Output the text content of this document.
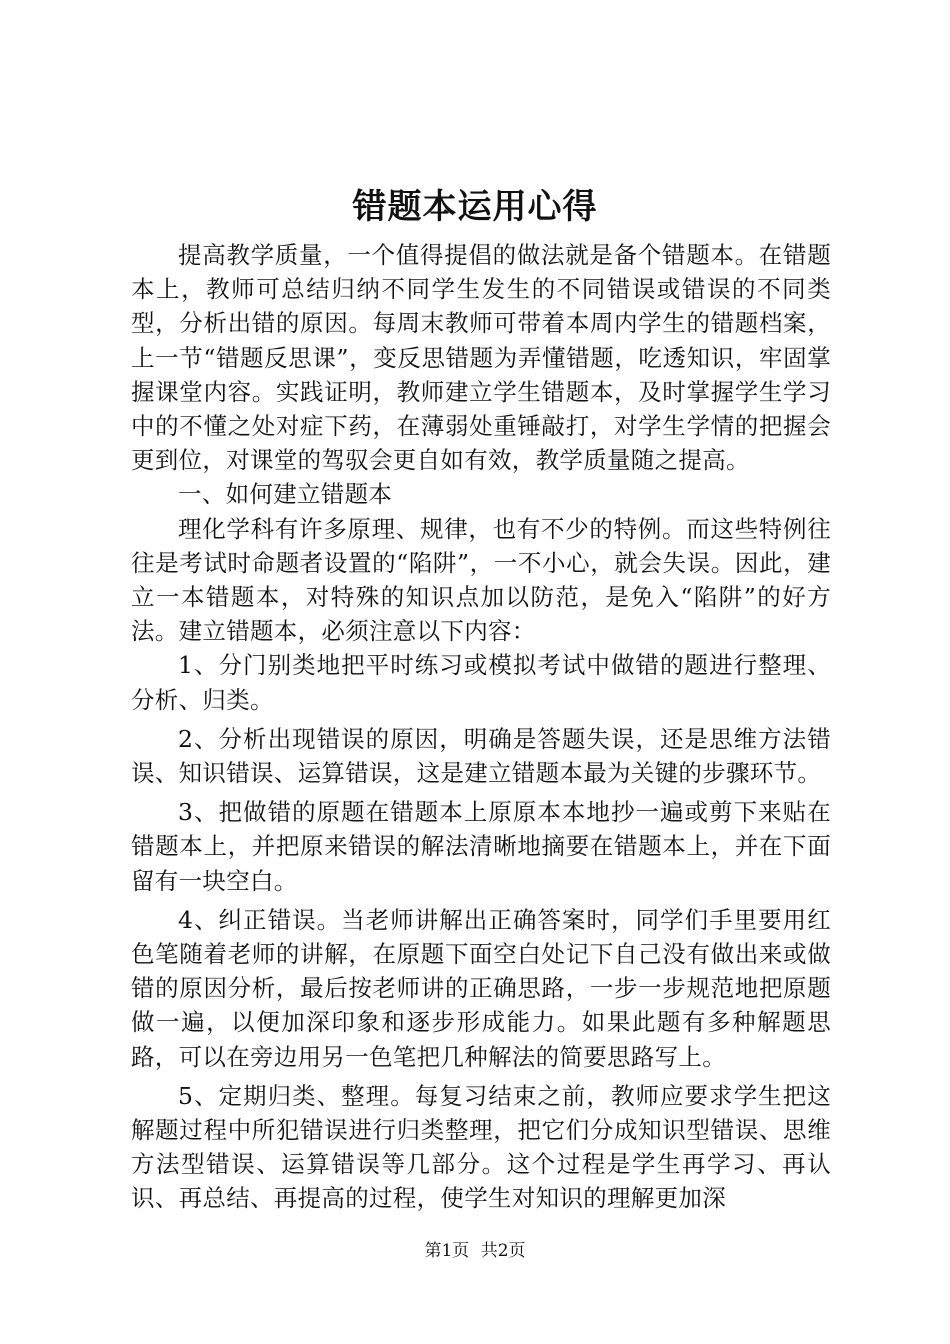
错题本运用心得

提高教学质量，一个值得提倡的做法就是备个错题本。在错题本上，教师可总结归纳不同学生发生的不同错误或错误的不同类型，分析出错的原因。每周末教师可带着本周内学生的错题档案，上一节“错题反思课”，变反思错题为弄懂错题，吃透知识，牢固掌握课堂内容。实践证明，教师建立学生错题本，及时掌握学生学习中的不懂之处对症下药，在薄弱处重锤敲打，对学生学情的把握会更到位，对课堂的驾驭会更自如有效，教学质量随之提高。

一、如何建立错题本

理化学科有许多原理、规律，也有不少的特例。而这些特例往往是考试时命题者设置的“陷阱”，一不小心，就会失误。因此，建立一本错题本，对特殊的知识点加以防范，是免入“陷阱”的好方法。建立错题本，必须注意以下内容：

1、分门别类地把平时练习或模拟考试中做错的题进行整理、分析、归类。

2、分析出现错误的原因，明确是答题失误，还是思维方法错误、知识错误、运算错误，这是建立错题本最为关键的步骤环节。

3、把做错的原题在错题本上原原本本地抄一遍或剪下来贴在错题本上，并把原来错误的解法清晰地摘要在错题本上，并在下面留有一块空白。

4、纠正错误。当老师讲解出正确答案时，同学们手里要用红色笔随着老师的讲解，在原题下面空白处记下自己没有做出来或做错的原因分析，最后按老师讲的正确思路，一步一步规范地把原题做一遍，以便加深印象和逐步形成能力。如果此题有多种解题思路，可以在旁边用另一色笔把几种解法的简要思路写上。

5、定期归类、整理。每复习结束之前，教师应要求学生把这解题过程中所犯错误进行归类整理，把它们分成知识型错误、思维方法型错误、运算错误等几部分。这个过程是学生再学习、再认识、再总结、再提高的过程，使学生对知识的理解更加深

第1页 共2页
